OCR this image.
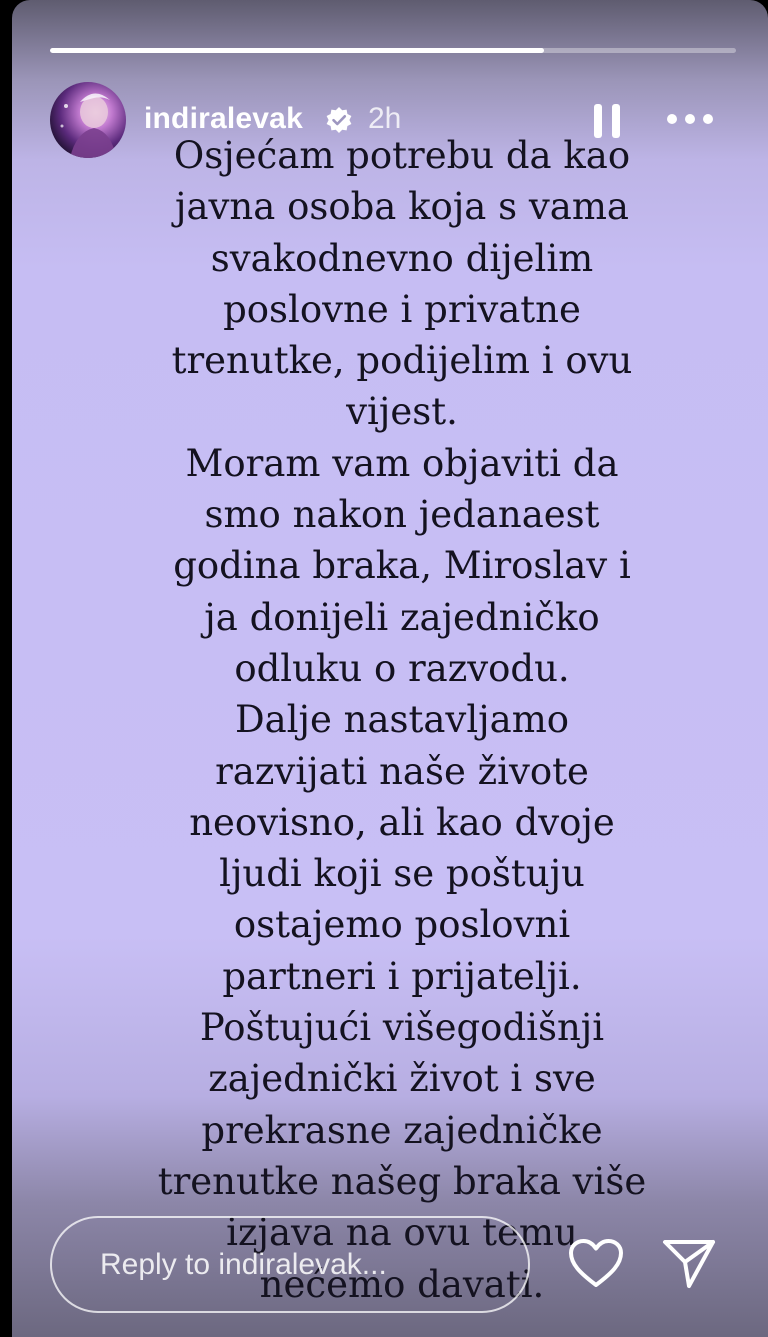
indiralevak 2h
Osjećam potrebu da kao
javna osoba koja s vama
svakodnevno dijelim
poslovne i privatne
trenutke, podijelim i ovu
vijest.
Moram vam objaviti da
smo nakon jedanaest
godina braka, Miroslav i
ja donijeli zajedničko
odluku o razvodu.
Dalje nastavljamo
razvijati naše živote
neovisno, ali kao dvoje
ljudi koji se poštuju
ostajemo poslovni
partneri i prijatelji.
Poštujući višegodišnji
zajednički život i sve
prekrasne zajedničke
trenutke našeg braka više
izjava na ovu temu
nećemo davati.
Reply to indiralevak...
